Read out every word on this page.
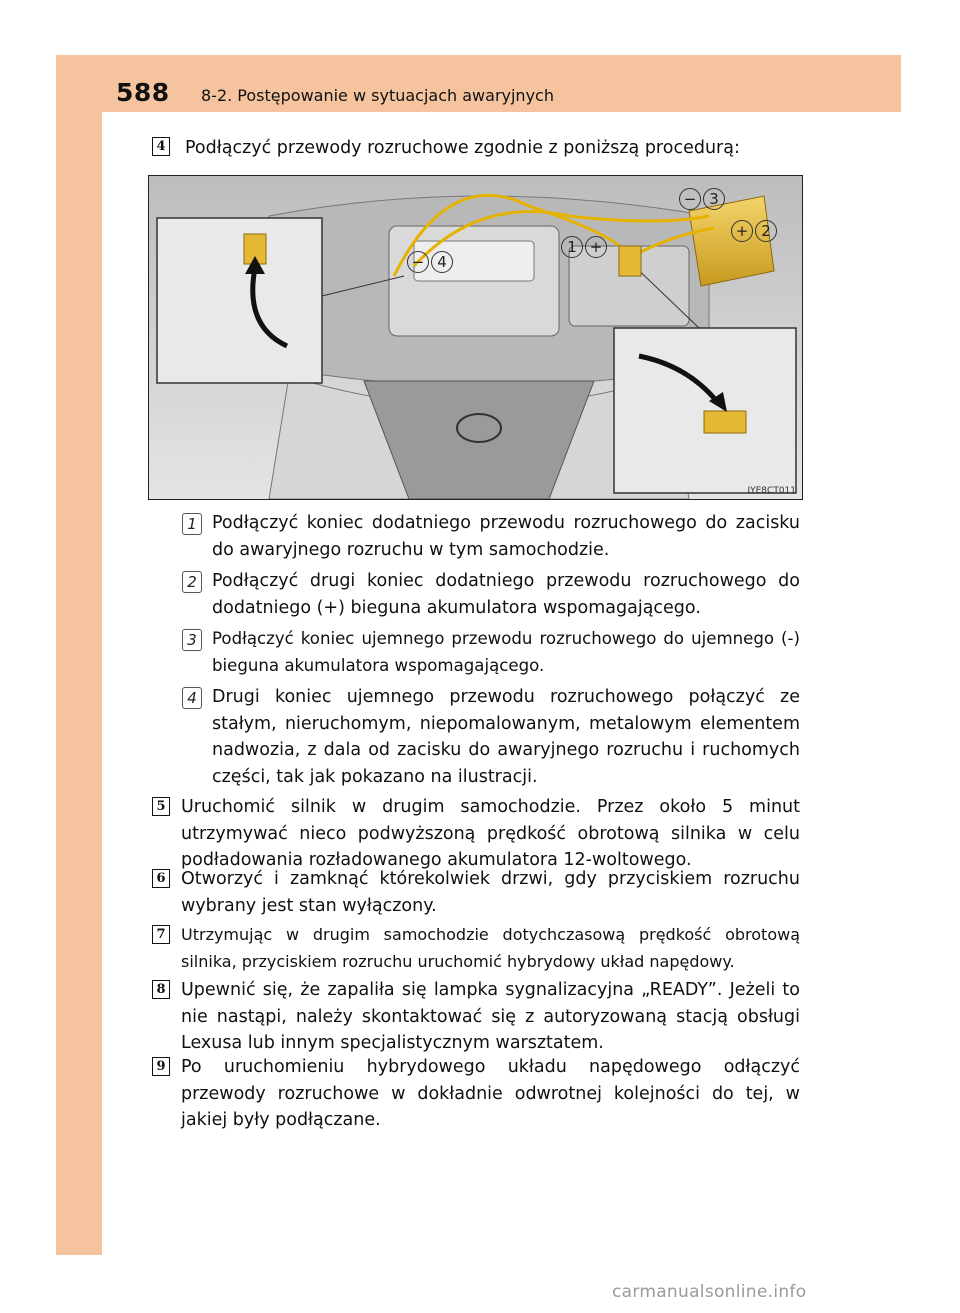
588 8-2. Postępowanie w sytuacjach awaryjnych
4 Podłączyć przewody rozruchowe zgodnie z poniższą procedurą:
− 3
+ 2
1 +
− 4
IYE8CT011
1 Podłączyć koniec dodatniego przewodu rozruchowego do zacisku do awaryjnego rozruchu w tym samochodzie.
2 Podłączyć drugi koniec dodatniego przewodu rozruchowego do dodatniego (+) bieguna akumulatora wspomagającego.
3 Podłączyć koniec ujemnego przewodu rozruchowego do ujemnego (-) bieguna akumulatora wspomagającego.
4 Drugi koniec ujemnego przewodu rozruchowego połączyć ze stałym, nieruchomym, niepomalowanym, metalowym elementem nadwozia, z dala od zacisku do awaryjnego rozruchu i ruchomych części, tak jak pokazano na ilustracji.
5 Uruchomić silnik w drugim samochodzie. Przez około 5 minut utrzymywać nieco podwyższoną prędkość obrotową silnika w celu podładowania rozładowanego akumulatora 12-woltowego.
6 Otworzyć i zamknąć którekolwiek drzwi, gdy przyciskiem rozruchu wybrany jest stan wyłączony.
7 Utrzymując w drugim samochodzie dotychczasową prędkość obrotową silnika, przyciskiem rozruchu uruchomić hybrydowy układ napędowy.
8 Upewnić się, że zapaliła się lampka sygnalizacyjna „READY”. Jeżeli to nie nastąpi, należy skontaktować się z autoryzowaną stacją obsługi Lexusa lub innym specjalistycznym warsztatem.
9 Po uruchomieniu hybrydowego układu napędowego odłączyć przewody rozruchowe w dokładnie odwrotnej kolejności do tej, w jakiej były podłączane.
carmanualsonline.info
